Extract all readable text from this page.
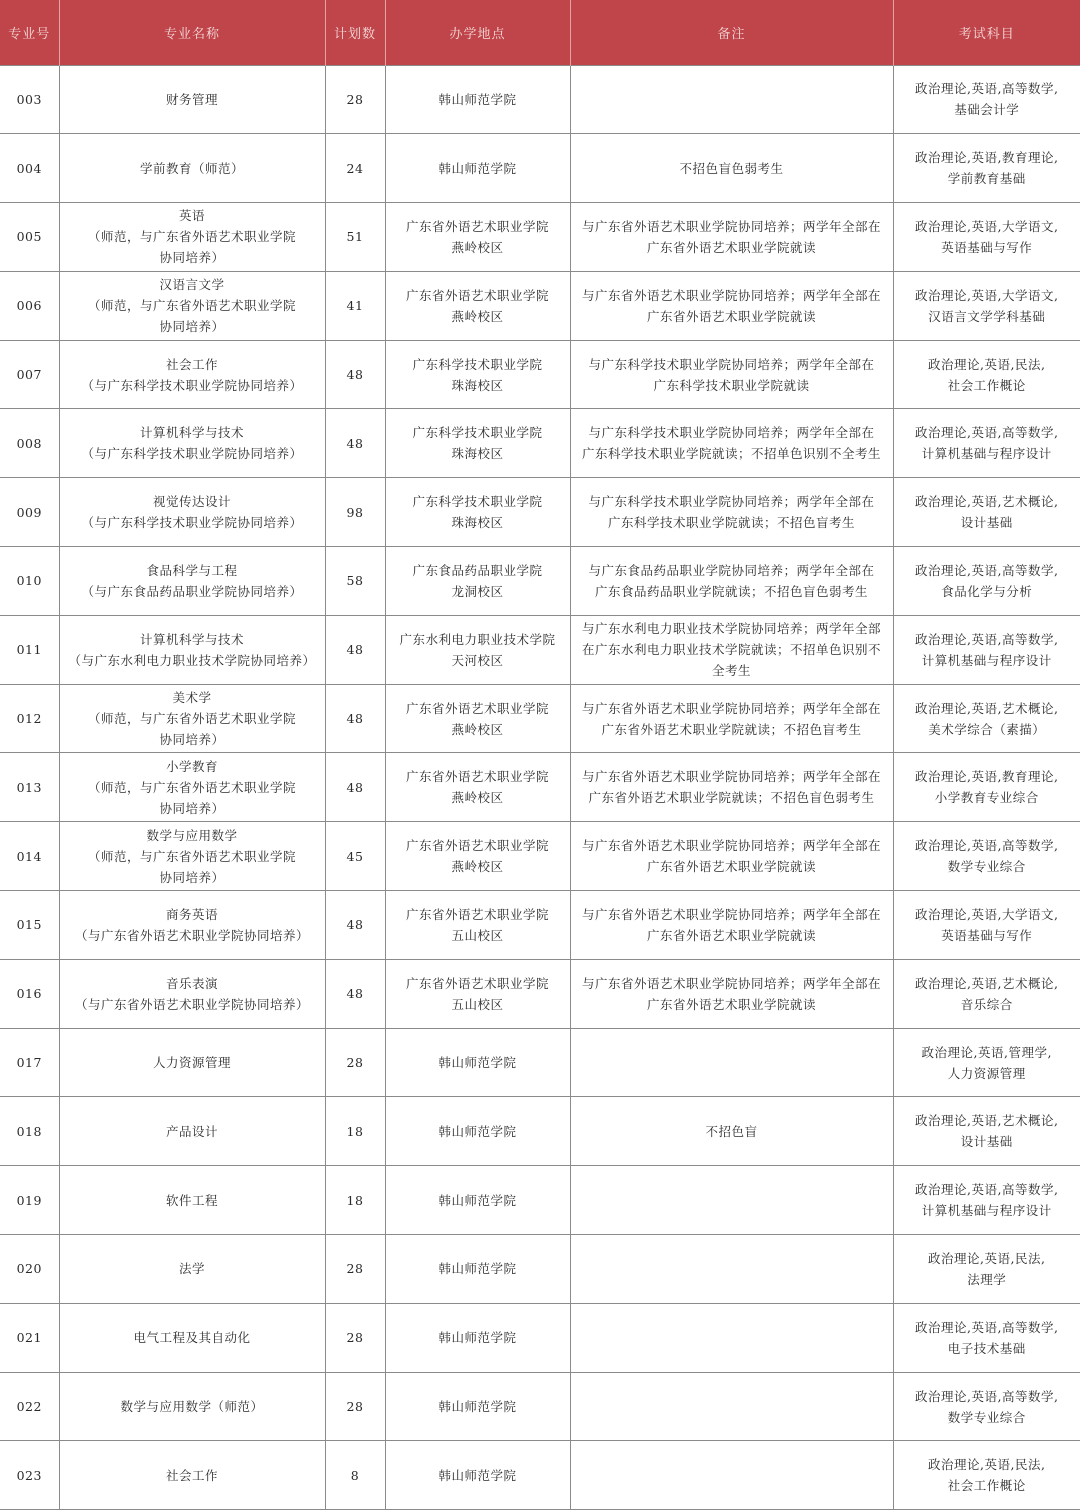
专业号	专业名称	计划数	办学地点	备注	考试科目
003	财务管理	28	韩山师范学院		政治理论,英语,高等数学,
基础会计学

004	学前教育（师范）	24	韩山师范学院	不招色盲色弱考生	政治理论,英语,教育理论,
学前教育基础

005	英语
（师范，与广东省外语艺术职业学院
协同培养）	51	广东省外语艺术职业学院
燕岭校区	与广东省外语艺术职业学院协同培养；两学年全部在
广东省外语艺术职业学院就读	政治理论,英语,大学语文,
英语基础与写作

006	汉语言文学
（师范，与广东省外语艺术职业学院
协同培养）	41	广东省外语艺术职业学院
燕岭校区	与广东省外语艺术职业学院协同培养；两学年全部在
广东省外语艺术职业学院就读	政治理论,英语,大学语文,
汉语言文学学科基础

007	社会工作
（与广东科学技术职业学院协同培养）	48	广东科学技术职业学院
珠海校区	与广东科学技术职业学院协同培养；两学年全部在
广东科学技术职业学院就读	政治理论,英语,民法,
社会工作概论

008	计算机科学与技术
（与广东科学技术职业学院协同培养）	48	广东科学技术职业学院
珠海校区	与广东科学技术职业学院协同培养；两学年全部在
广东科学技术职业学院就读；不招单色识别不全考生	政治理论,英语,高等数学,
计算机基础与程序设计

009	视觉传达设计
（与广东科学技术职业学院协同培养）	98	广东科学技术职业学院
珠海校区	与广东科学技术职业学院协同培养；两学年全部在
广东科学技术职业学院就读；不招色盲考生	政治理论,英语,艺术概论,
设计基础

010	食品科学与工程
（与广东食品药品职业学院协同培养）	58	广东食品药品职业学院
龙洞校区	与广东食品药品职业学院协同培养；两学年全部在
广东食品药品职业学院就读；不招色盲色弱考生	政治理论,英语,高等数学,
食品化学与分析

011	计算机科学与技术
（与广东水利电力职业技术学院协同培养）	48	广东水利电力职业技术学院
天河校区	与广东水利电力职业技术学院协同培养；两学年全部
在广东水利电力职业技术学院就读；不招单色识别不
全考生	政治理论,英语,高等数学,
计算机基础与程序设计

012	美术学
（师范，与广东省外语艺术职业学院
协同培养）	48	广东省外语艺术职业学院
燕岭校区	与广东省外语艺术职业学院协同培养；两学年全部在
广东省外语艺术职业学院就读；不招色盲考生	政治理论,英语,艺术概论,
美术学综合（素描）

013	小学教育
（师范，与广东省外语艺术职业学院
协同培养）	48	广东省外语艺术职业学院
燕岭校区	与广东省外语艺术职业学院协同培养；两学年全部在
广东省外语艺术职业学院就读；不招色盲色弱考生	政治理论,英语,教育理论,
小学教育专业综合

014	数学与应用数学
（师范，与广东省外语艺术职业学院
协同培养）	45	广东省外语艺术职业学院
燕岭校区	与广东省外语艺术职业学院协同培养；两学年全部在
广东省外语艺术职业学院就读	政治理论,英语,高等数学,
数学专业综合

015	商务英语
（与广东省外语艺术职业学院协同培养）	48	广东省外语艺术职业学院
五山校区	与广东省外语艺术职业学院协同培养；两学年全部在
广东省外语艺术职业学院就读	政治理论,英语,大学语文,
英语基础与写作

016	音乐表演
（与广东省外语艺术职业学院协同培养）	48	广东省外语艺术职业学院
五山校区	与广东省外语艺术职业学院协同培养；两学年全部在
广东省外语艺术职业学院就读	政治理论,英语,艺术概论,
音乐综合

017	人力资源管理	28	韩山师范学院		政治理论,英语,管理学,
人力资源管理

018	产品设计	18	韩山师范学院	不招色盲	政治理论,英语,艺术概论,
设计基础

019	软件工程	18	韩山师范学院		政治理论,英语,高等数学,
计算机基础与程序设计

020	法学	28	韩山师范学院		政治理论,英语,民法,
法理学

021	电气工程及其自动化	28	韩山师范学院		政治理论,英语,高等数学,
电子技术基础

022	数学与应用数学（师范）	28	韩山师范学院		政治理论,英语,高等数学,
数学专业综合

023	社会工作	8	韩山师范学院		政治理论,英语,民法,
社会工作概论
